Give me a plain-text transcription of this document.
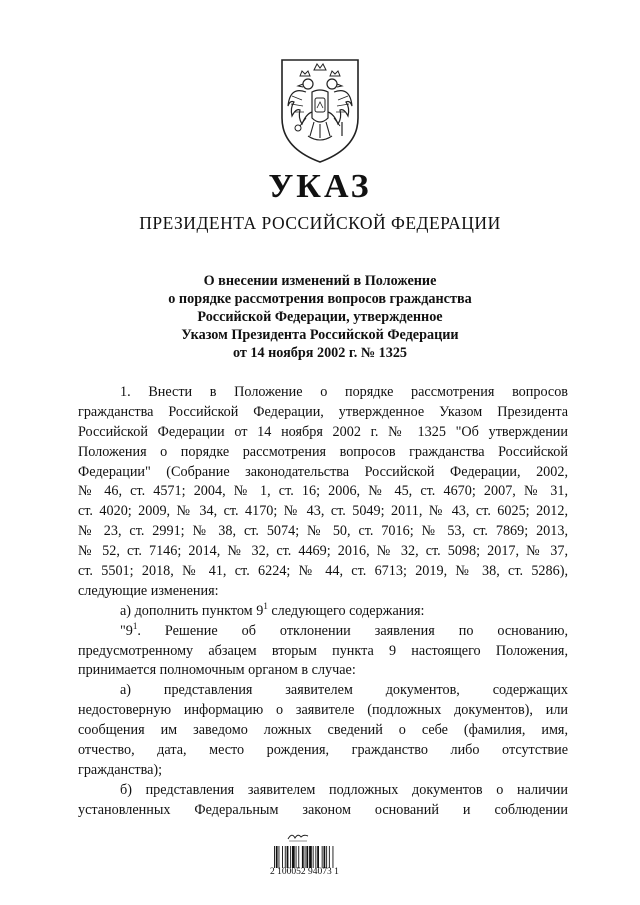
УКАЗ
ПРЕЗИДЕНТА РОССИЙСКОЙ ФЕДЕРАЦИИ
О внесении изменений в Положение
о порядке рассмотрения вопросов гражданства
Российской Федерации, утвержденное
Указом Президента Российской Федерации
от 14 ноября 2002 г. № 1325
1. Внести в Положение о порядке рассмотрения вопросов
гражданства Российской Федерации, утвержденное Указом Президента
Российской Федерации от 14 ноября 2002 г. № 1325 "Об утверждении
Положения о порядке рассмотрения вопросов гражданства Российской
Федерации" (Собрание законодательства Российской Федерации, 2002,
№ 46, ст. 4571; 2004, № 1, ст. 16; 2006, № 45, ст. 4670; 2007, № 31,
ст. 4020; 2009, № 34, ст. 4170; № 43, ст. 5049; 2011, № 43, ст. 6025; 2012,
№ 23, ст. 2991; № 38, ст. 5074; № 50, ст. 7016; № 53, ст. 7869; 2013,
№ 52, ст. 7146; 2014, № 32, ст. 4469; 2016, № 32, ст. 5098; 2017, № 37,
ст. 5501; 2018, № 41, ст. 6224; № 44, ст. 6713; 2019, № 38, ст. 5286),
следующие изменения:
а) дополнить пунктом $9^1$ следующего содержания:
"$9^1$. Решение об отклонении заявления по основанию,
предусмотренному абзацем вторым пункта 9 настоящего Положения,
принимается полномочным органом в случае:
а) представления заявителем документов, содержащих
недостоверную информацию о заявителе (подложных документов), или
сообщения им заведомо ложных сведений о себе (фамилия, имя,
отчество, дата, место рождения, гражданство либо отсутствие
гражданства);
б) представления заявителем подложных документов о наличии
установленных Федеральным законом оснований и соблюдении
2 100052 94073 1
